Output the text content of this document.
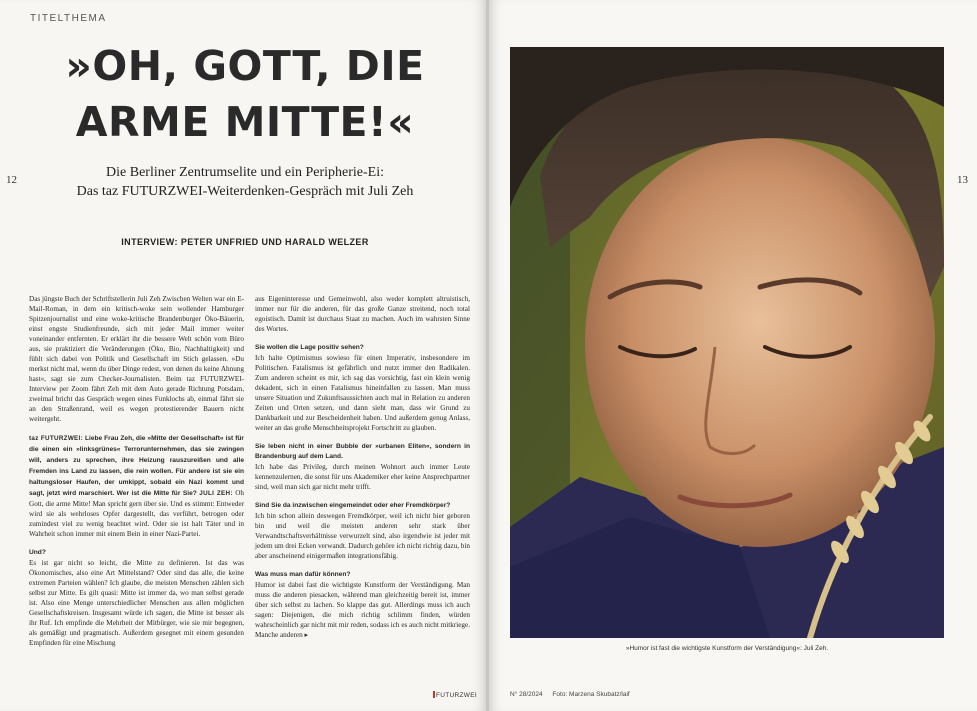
TITELTHEMA
»OH, GOTT, DIE
ARME MITTE!«
Die Berliner Zentrumselite und ein Peripherie-Ei:
Das taz FUTURZWEI-Weiterdenken-Gespräch mit Juli Zeh
12
INTERVIEW: PETER UNFRIED UND HARALD WELZER

Das jüngste Buch der Schriftstellerin Juli Zeh Zwischen Welten war ein E-Mail-Roman, in dem ein kritisch-woke sein wollender Hamburger Spitzenjournalist und eine woke-kritische Brandenburger Öko-Bäuerin, einst engste Studienfreunde, sich mit jeder Mail immer weiter voneinander entfernten. Er erklärt ihr die bessere Welt schön vom Büro aus, sie praktiziert die Veränderungen (Öko, Bio, Nachhaltigkeit) und fühlt sich dabei von Politik und Gesellschaft im Stich gelassen. »Du merkst nicht mal, wenn du über Dinge redest, von denen du keine Ahnung hast«, sagt sie zum Checker-Journalisten. Beim taz FUTURZWEI-Interview per Zoom fährt Zeh mit dem Auto gerade Richtung Potsdam, zweimal bricht das Gespräch wegen eines Funklochs ab, einmal fährt sie an den Straßenrand, weil es wegen protestierender Bauern nicht weitergeht.

taz FUTURZWEI: Liebe Frau Zeh, die »Mitte der Gesellschaft« ist für die einen ein »linksgrünes« Terrorunternehmen, das sie zwingen will, anders zu sprechen, ihre Heizung rauszureißen und alle Fremden ins Land zu lassen, die rein wollen. Für andere ist sie ein haltungsloser Haufen, der umkippt, sobald ein Nazi kommt und sagt, jetzt wird marschiert. Wer ist die Mitte für Sie? JULI ZEH: Oh Gott, die arme Mitte! Man spricht gern über sie. Und es stimmt: Entweder wird sie als wehrloses Opfer dargestellt, das verführt, betrogen oder zumindest viel zu wenig beachtet wird. Oder sie ist halt Täter und in Wahrheit schon immer mit einem Bein in einer Nazi-Partei.

Und?
Es ist gar nicht so leicht, die Mitte zu definieren. Ist das was Ökonomisches, also eine Art Mittelstand? Oder sind das alle, die keine extremen Parteien wählen? Ich glaube, die meisten Menschen zählen sich selbst zur Mitte. Es gilt quasi: Mitte ist immer da, wo man selbst gerade ist. Also eine Menge unterschiedlicher Menschen aus allen möglichen Gesellschaftskreisen. Insgesamt würde ich sagen, die Mitte ist besser als ihr Ruf. Ich empfinde die Mehrheit der Mitbürger, wie sie mir begegnen, als gemäßigt und pragmatisch. Außerdem gesegnet mit einem gesunden Empfinden für eine Mischung

aus Eigeninteresse und Gemeinwohl, also weder komplett altruistisch, immer nur für die anderen, für das große Ganze streitend, noch total egoistisch. Damit ist durchaus Staat zu machen. Auch im wahrsten Sinne des Wortes.

Sie wollen die Lage positiv sehen?
Ich halte Optimismus sowieso für einen Imperativ, insbesondere im Politischen. Fatalismus ist gefährlich und nutzt immer den Radikalen. Zum anderen scheint es mir, ich sag das vorsichtig, fast ein klein wenig dekadent, sich in einen Fatalismus hineinfallen zu lassen. Man muss unsere Situation und Zukunftsaussichten auch mal in Relation zu anderen Zeiten und Orten setzen, und dann sieht man, dass wir Grund zu Dankbarkeit und zur Bescheidenheit haben. Und außerdem genug Anlass, weiter an das große Menschheitsprojekt Fortschritt zu glauben.

Sie leben nicht in einer Bubble der »urbanen Eliten«, sondern in Brandenburg auf dem Land.
Ich habe das Privileg, durch meinen Wohnort auch immer Leute kennenzulernen, die sonst für uns Akademiker eher keine Ansprechpartner sind, weil man sich gar nicht mehr trifft.

Sind Sie da inzwischen eingemeindet oder eher Fremdkörper?
Ich bin schon allein deswegen Fremdkörper, weil ich nicht hier geboren bin und weil die meisten anderen sehr stark über Verwandtschaftsverhältnisse verwurzelt sind, also irgendwie ist jeder mit jedem um drei Ecken verwandt. Dadurch gehöre ich nicht richtig dazu, bin aber anscheinend einigermaßen integrationsfähig.

Was muss man dafür können?
Humor ist dabei fast die wichtigste Kunstform der Verständigung. Man muss die anderen piesacken, während man gleichzeitig bereit ist, immer über sich selbst zu lachen. So klappe das gut. Allerdings muss ich auch sagen: Diejenigen, die mich richtig schlimm finden, würden wahrscheinlich gar nicht mit mir reden, sodass ich es auch nicht mitkriege. Manche anderen ▸

FUTURZWEI
13
»Humor ist fast die wichtigste Kunstform der Verständigung«: Juli Zeh.
N° 28/2024 Foto: Marzena Skubatz/laif
